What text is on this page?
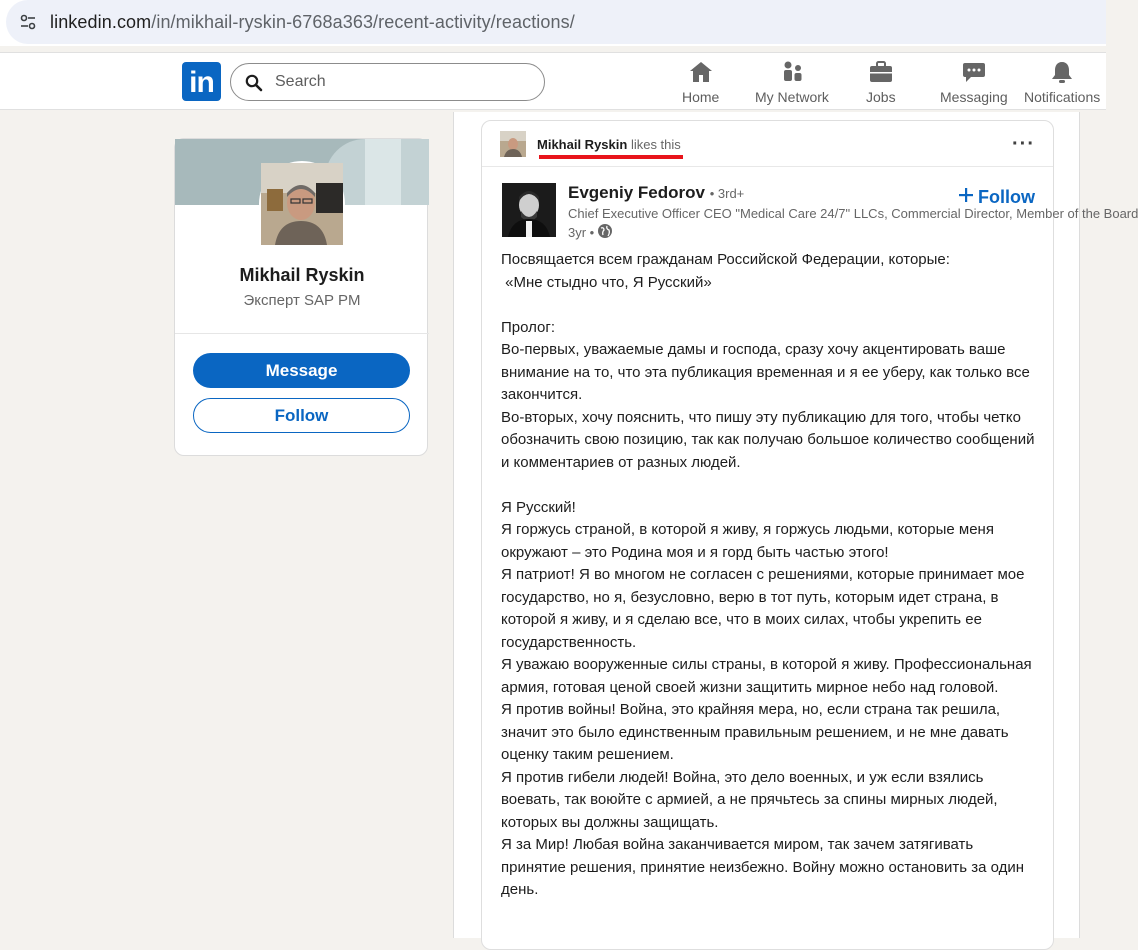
linkedin.com/in/mikhail-ryskin-6768a363/recent-activity/reactions/
in
Search	Home	My Network	Jobs	Messaging Notifications
Mikhail Ryskin
Эксперт SAP PM
Message
Follow
Mikhail Ryskin likes this	···
Evgeniy Fedorov • 3rd+
Chief Executive Officer CEO "Medical Care 24/7" LLCs, Commercial Director, Member of the Board
3yr •
Follow

Посвящается всем гражданам Российской Федерации, которые:
«Мне стыдно что, Я Русский»

Пролог:
Во-первых, уважаемые дамы и господа, сразу хочу акцентировать ваше внимание на то, что эта публикация временная и я ее уберу, как только все закончится.
Во-вторых, хочу пояснить, что пишу эту публикацию для того, чтобы четко обозначить свою позицию, так как получаю большое количество сообщений и комментариев от разных людей.

Я Русский!
Я горжусь страной, в которой я живу, я горжусь людьми, которые меня окружают – это Родина моя и я горд быть частью этого!
Я патриот! Я во многом не согласен с решениями, которые принимает мое государство, но я, безусловно, верю в тот путь, которым идет страна, в которой я живу, и я сделаю все, что в моих силах, чтобы укрепить ее государственность.
Я уважаю вооруженные силы страны, в которой я живу. Профессиональная армия, готовая ценой своей жизни защитить мирное небо над головой.
Я против войны! Война, это крайняя мера, но, если страна так решила, значит это было единственным правильным решением, и не мне давать оценку таким решением.
Я против гибели людей! Война, это дело военных, и уж если взялись воевать, так воюйте с армией, а не прячьтесь за спины мирных людей, которых вы должны защищать.
Я за Мир! Любая война заканчивается миром, так зачем затягивать принятие решения, принятие неизбежно. Войну можно остановить за один день.
